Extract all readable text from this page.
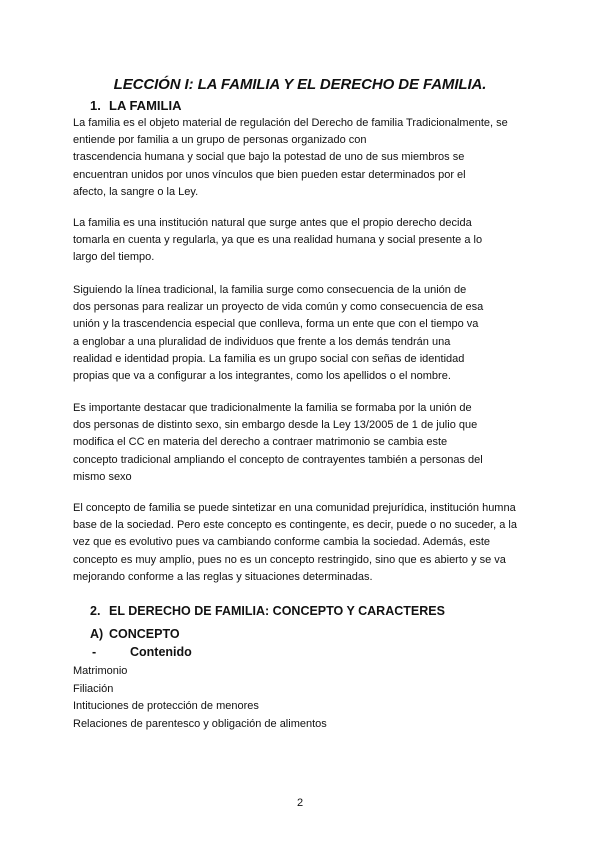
LECCIÓN I: LA FAMILIA Y EL DERECHO DE FAMILIA.
1. LA FAMILIA
La familia es el objeto material de regulación del Derecho de familia Tradicionalmente, se
entiende por familia a un grupo de personas organizado con
trascendencia humana y social que bajo la potestad de uno de sus miembros se
encuentran unidos por unos vínculos que bien pueden estar determinados por el
afecto, la sangre o la Ley.
La familia es una institución natural que surge antes que el propio derecho decida
tomarla en cuenta y regularla, ya que es una realidad humana y social presente a lo
largo del tiempo.
Siguiendo la línea tradicional, la familia surge como consecuencia de la unión de
dos personas para realizar un proyecto de vida común y como consecuencia de esa
unión y la trascendencia especial que conlleva, forma un ente que con el tiempo va
a englobar a una pluralidad de individuos que frente a los demás tendrán una
realidad e identidad propia. La familia es un grupo social con señas de identidad
propias que va a configurar a los integrantes, como los apellidos o el nombre.
Es importante destacar que tradicionalmente la familia se formaba por la unión de
dos personas de distinto sexo, sin embargo desde la Ley 13/2005 de 1 de julio que
modifica el CC en materia del derecho a contraer matrimonio se cambia este
concepto tradicional ampliando el concepto de contrayentes también a personas del
mismo sexo
El concepto de familia se puede sintetizar en una comunidad prejurídica, institución humna
base de la sociedad. Pero este concepto es contingente, es decir, puede o no suceder, a la
vez que es evolutivo pues va cambiando conforme cambia la sociedad. Además, este
concepto es muy amplio, pues no es un concepto restringido, sino que es abierto y se va
mejorando conforme a las reglas y situaciones determinadas.
2. EL DERECHO DE FAMILIA: CONCEPTO Y CARACTERES
A) CONCEPTO
-	Contenido
Matrimonio
Filiación
Intituciones de protección de menores
Relaciones de parentesco y obligación de alimentos
2
